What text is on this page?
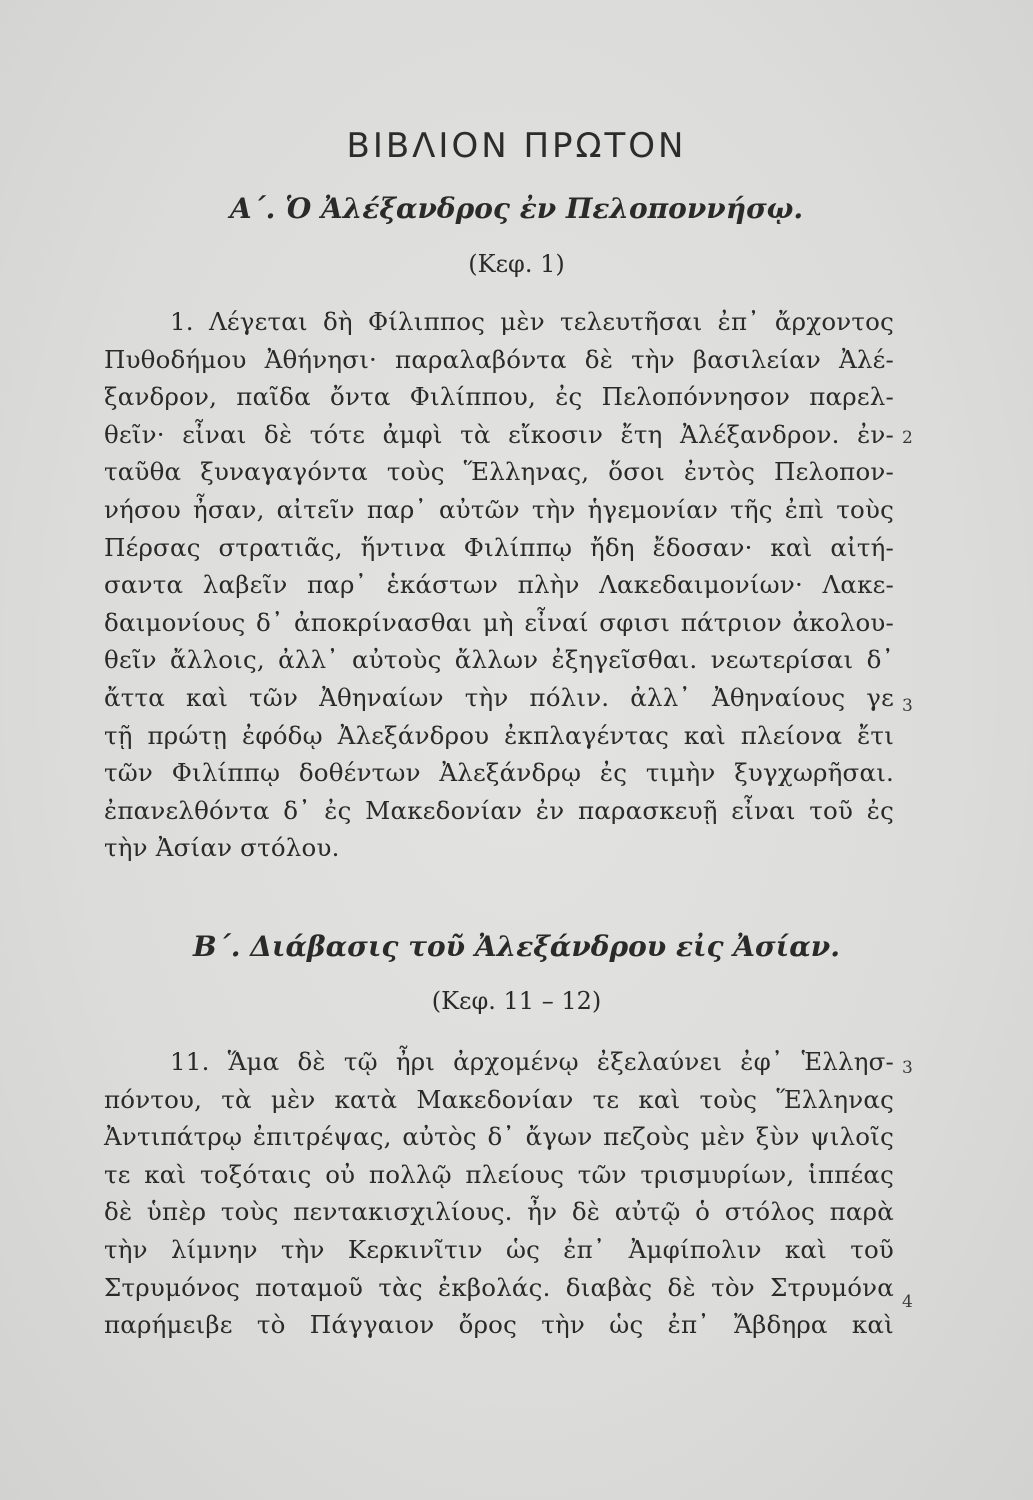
ΒΙΒΛΙΟΝ ΠΡΩΤΟΝ
Α΄. Ὁ Ἀλέξανδρος ἐν Πελοποννήσῳ.
(Κεφ. 1)
1. Λέγεται δὴ Φίλιππος μὲν τελευτῆσαι ἐπ᾽ ἄρχοντος
Πυθοδήμου Ἀθήνησι· παραλαβόντα δὲ τὴν βασιλείαν Ἀλέ-
ξανδρον, παῖδα ὄντα Φιλίππου, ἐς Πελοπόννησον παρελ-
θεῖν· εἶναι δὲ τότε ἀμφὶ τὰ εἴκοσιν ἔτη Ἀλέξανδρον. ἐν-
ταῦθα ξυναγαγόντα τοὺς Ἕλληνας, ὅσοι ἐντὸς Πελοπον-
νήσου ἦσαν, αἰτεῖν παρ᾽ αὐτῶν τὴν ἡγεμονίαν τῆς ἐπὶ τοὺς
Πέρσας στρατιᾶς, ἥντινα Φιλίππῳ ἤδη ἔδοσαν· καὶ αἰτή-
σαντα λαβεῖν παρ᾽ ἑκάστων πλὴν Λακεδαιμονίων· Λακε-
δαιμονίους δ᾽ ἀποκρίνασθαι μὴ εἶναί σφισι πάτριον ἀκολου-
θεῖν ἄλλοις, ἀλλ᾽ αὐτοὺς ἄλλων ἐξηγεῖσθαι. νεωτερίσαι δ᾽
ἄττα καὶ τῶν Ἀθηναίων τὴν πόλιν. ἀλλ᾽ Ἀθηναίους γε
τῇ πρώτῃ ἐφόδῳ Ἀλεξάνδρου ἐκπλαγέντας καὶ πλείονα ἔτι
τῶν Φιλίππῳ δοθέντων Ἀλεξάνδρῳ ἐς τιμὴν ξυγχωρῆσαι.
ἐπανελθόντα δ᾽ ἐς Μακεδονίαν ἐν παρασκευῇ εἶναι τοῦ ἐς
τὴν Ἀσίαν στόλου.
2
3
Β΄. Διάβασις τοῦ Ἀλεξάνδρου εἰς Ἀσίαν.
(Κεφ. 11 – 12)
11. Ἅμα δὲ τῷ ἦρι ἀρχομένῳ ἐξελαύνει ἐφ᾽ Ἑλλησ-
πόντου, τὰ μὲν κατὰ Μακεδονίαν τε καὶ τοὺς Ἕλληνας
Ἀντιπάτρῳ ἐπιτρέψας, αὐτὸς δ᾽ ἄγων πεζοὺς μὲν ξὺν ψιλοῖς
τε καὶ τοξόταις οὐ πολλῷ πλείους τῶν τρισμυρίων, ἱππέας
δὲ ὑπὲρ τοὺς πεντακισχιλίους. ἦν δὲ αὐτῷ ὁ στόλος παρὰ
τὴν λίμνην τὴν Κερκινῖτιν ὡς ἐπ᾽ Ἀμφίπολιν καὶ τοῦ
Στρυμόνος ποταμοῦ τὰς ἐκβολάς. διαβὰς δὲ τὸν Στρυμόνα
παρήμειβε τὸ Πάγγαιον ὄρος τὴν ὡς ἐπ᾽ Ἄβδηρα καὶ
3
4
